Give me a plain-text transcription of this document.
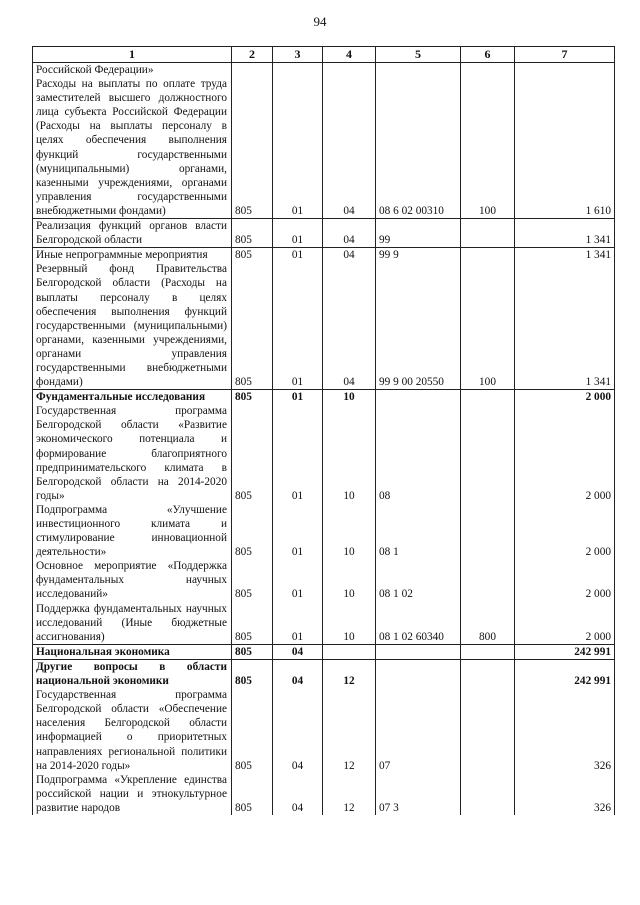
94
1	2	3	4	5	6	7
Российской Федерации»						
Расходы на выплаты по оплате труда заместителей высшего должностного лица субъекта Российской Федерации (Расходы на выплаты персоналу в целях обеспечения выполнения функций государственными (муниципальными) органами, казенными учреждениями, органами управления государственными внебюджетными фондами)	805	01	04	08 6 02 00310	100	1 610
Реализация функций органов власти Белгородской области	805	01	04	99		1 341
Иные непрограммные мероприятия	805	01	04	99 9		1 341
Резервный фонд Правительства Белгородской области (Расходы на выплаты персоналу в целях обеспечения выполнения функций государственными (муниципальными) органами, казенными учреждениями, органами управления государственными внебюджетными фондами)	805	01	04	99 9 00 20550	100	1 341
Фундаментальные исследования	805	01	10			2 000
Государственная программа Белгородской области «Развитие экономического потенциала и формирование благоприятного предпринимательского климата в Белгородской области на 2014-2020 годы»	805	01	10	08		2 000
Подпрограмма «Улучшение инвестиционного климата и стимулирование инновационной деятельности»	805	01	10	08 1		2 000
Основное мероприятие «Поддержка фундаментальных научных исследований»	805	01	10	08 1 02		2 000
Поддержка фундаментальных научных исследований (Иные бюджетные ассигнования)	805	01	10	08 1 02 60340	800	2 000
Национальная экономика	805	04				242 991
Другие вопросы в области национальной экономики	805	04	12			242 991
Государственная программа Белгородской области «Обеспечение населения Белгородской области информацией о приоритетных направлениях региональной политики на 2014-2020 годы»	805	04	12	07		326
Подпрограмма «Укрепление единства российской нации и этнокультурное развитие народов	805	04	12	07 3		326
